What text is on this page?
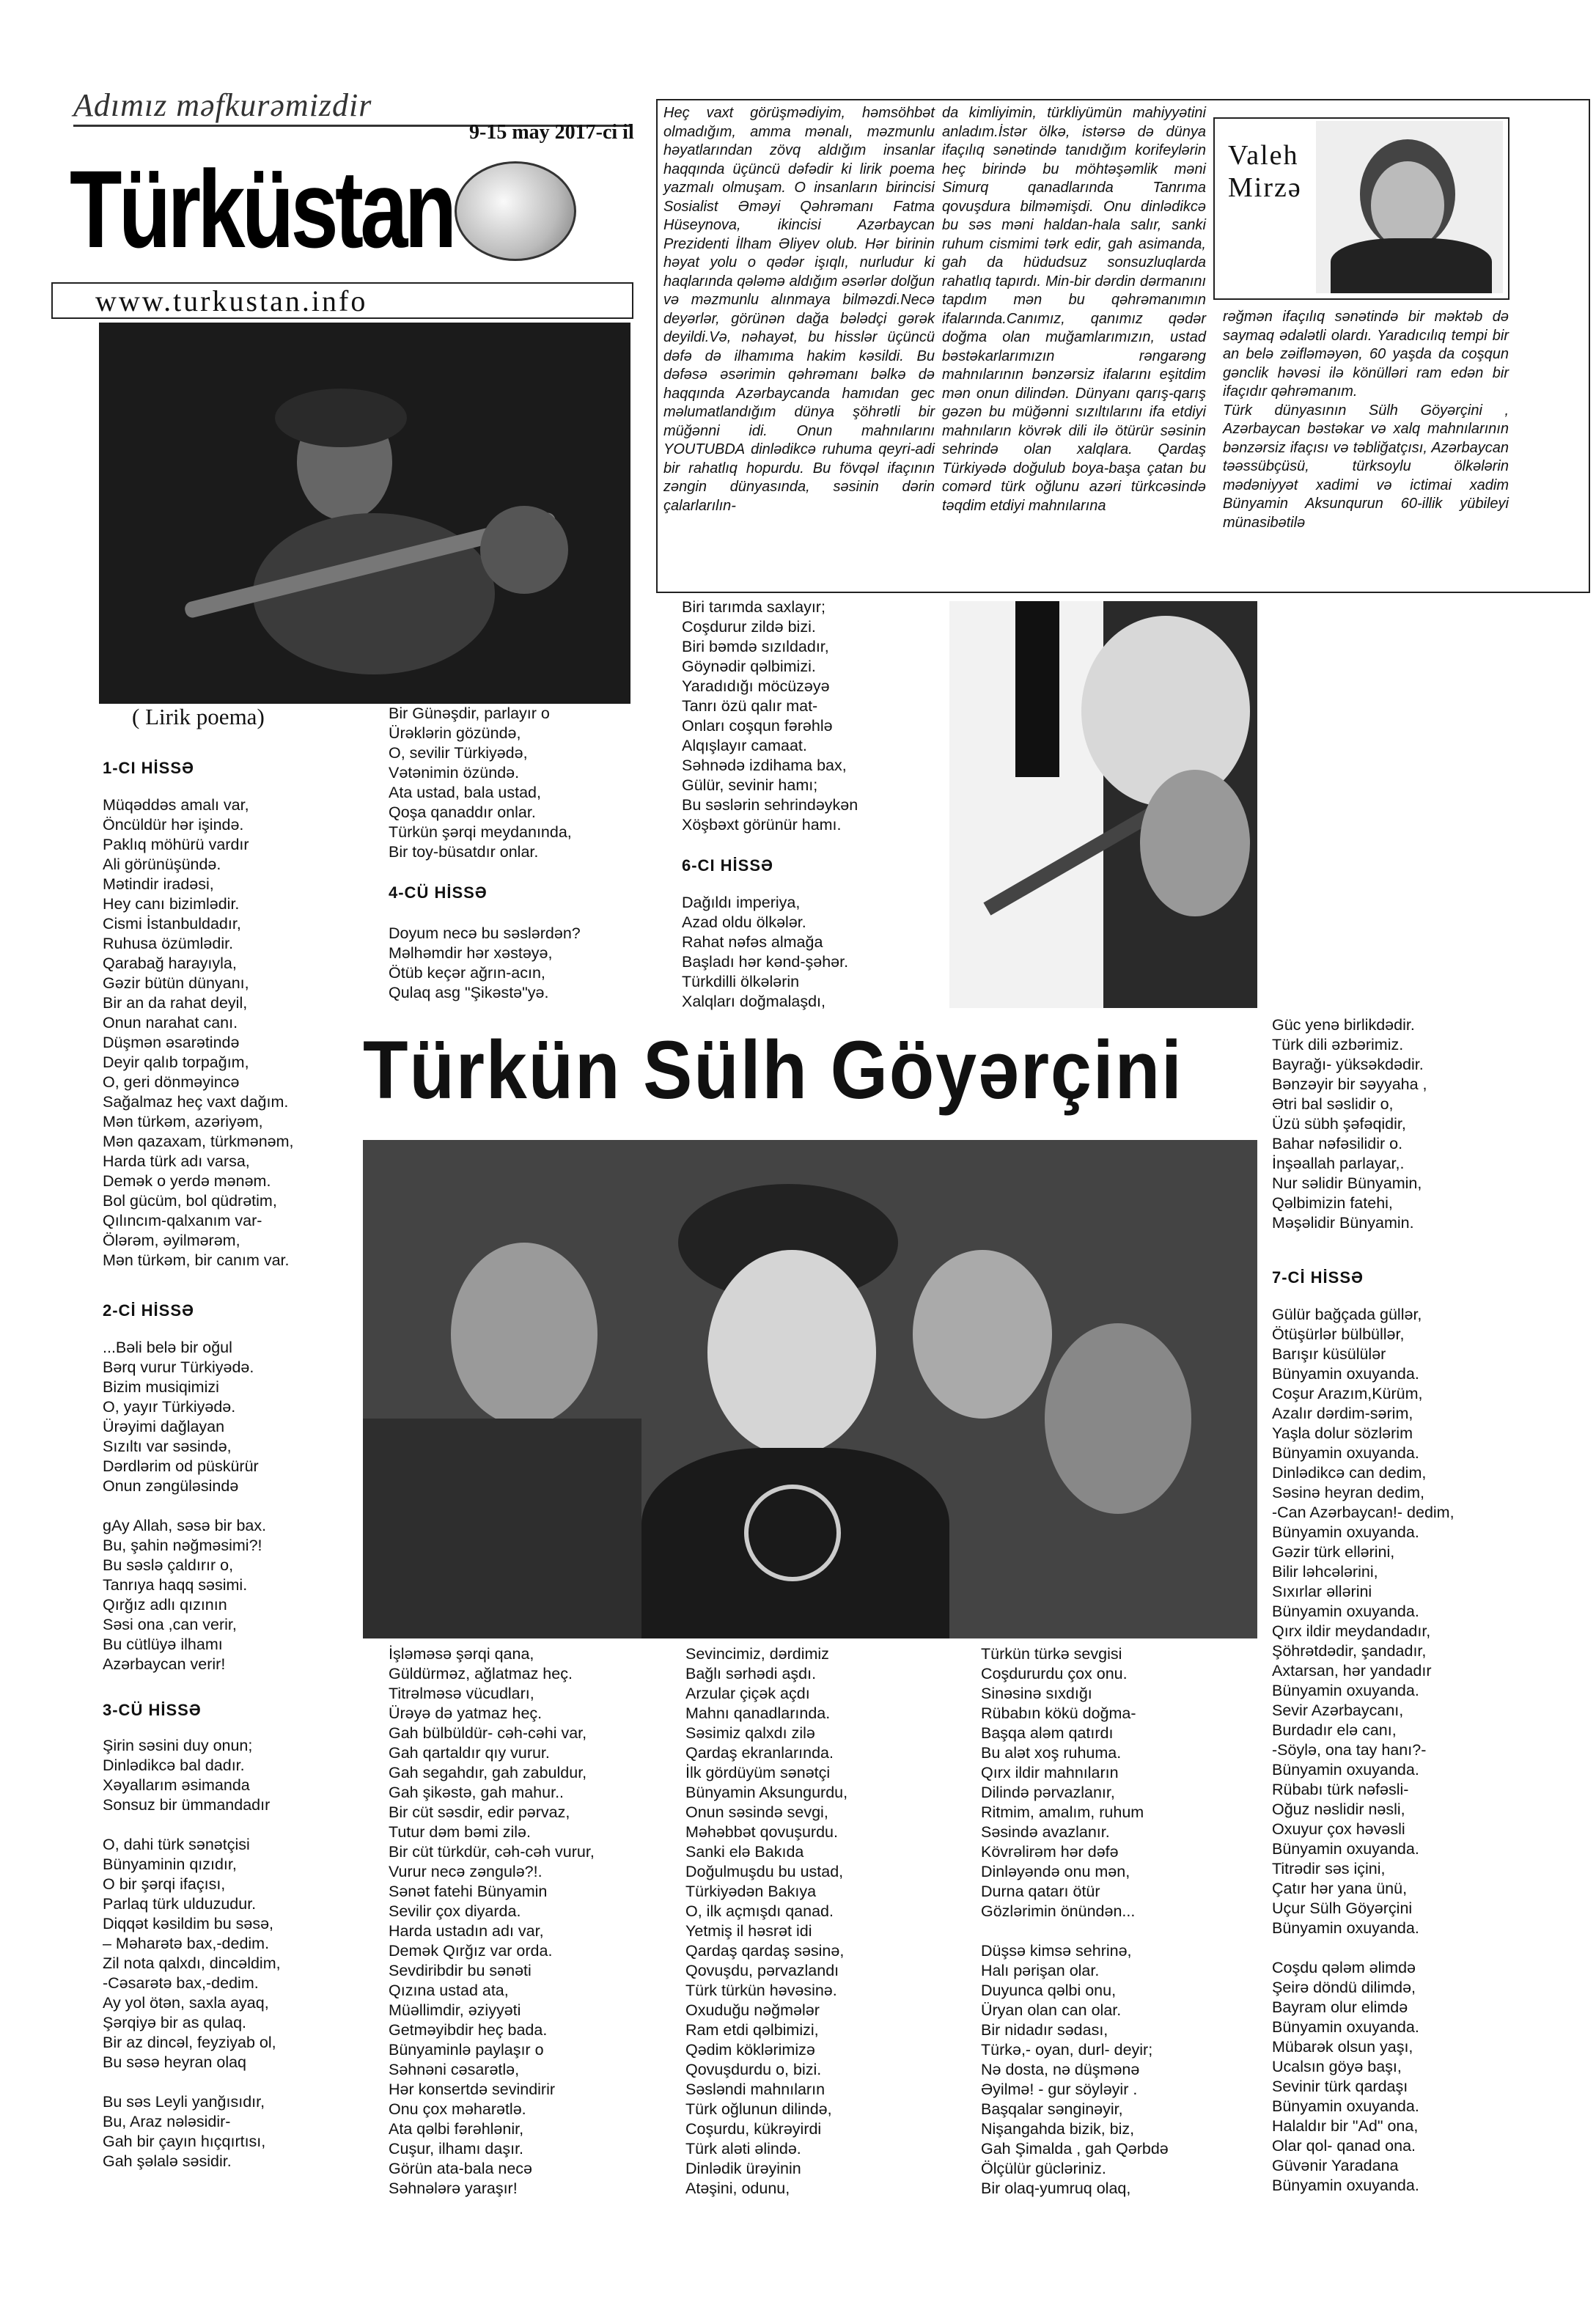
Adımız məfkurəmizdir
9-15 may 2017-ci il
Türküstan
www.turkustan.info
( Lirik poema)
Heç vaxt görüşmədiyim, həmsöhbət olmadığım, amma mənalı, məzmunlu həyatlarından zövq aldığım insanlar haqqında üçüncü dəfədir ki lirik poema yazmalı olmuşam. O insanların birincisi Sosialist Əməyi Qəhrəmanı Fatma Hüseynova, ikincisi Azərbaycan Prezidenti İlham Əliyev olub. Hər birinin həyat yolu o qədər işıqlı, nurludur ki haqlarında qələmə aldığım əsərlər dolğun və məzmunlu alınmaya bilməzdi.Necə deyərlər, görünən dağa bələdçi gərək deyildi.Və, nəhayət, bu hisslər üçüncü dəfə də ilhamıma hakim kəsildi. Bu dəfəsə əsərimin qəhrəmanı bəlkə də haqqında Azərbaycanda hamıdan gec məlumatlandığım dünya şöhrətli bir müğənni idi. Onun mahnılarını YOUTUBDA dinlədikcə ruhuma qeyri-adi bir rahatlıq hopurdu. Bu fövqəl ifaçının zəngin dünyasında, səsinin dərin çalarlarılın-
da kimliyimin, türkliyümün mahiyyətini anladım.İstər ölkə, istərsə də dünya ifaçılıq sənətində tanıdığım korifeylərin heç birində bu möhtəşəmlik məni Simurq qanadlarında Tanrıma qovuşdura bilməmişdi. Onu dinlədikcə bu səs məni haldan-hala salır, sanki ruhum cismimi tərk edir, gah asimanda, gah da hüdudsuz sonsuzluqlarda rahatlıq tapırdı. Min-bir dərdin dərmanını tapdım mən bu qəhrəmanımın ifalarında.Canımız, qanımız qədər doğma olan muğamlarımızın, ustad bəstəkarlarımızın rəngarəng mahnılarının bənzərsiz ifalarını eşitdim mən onun dilindən. Dünyanı qarış-qarış gəzən bu müğənni sızıltılarını ifa etdiyi mahnıların kövrək dili ilə ötürür səsinin sehrində olan xalqlara. Qardaş Türkiyədə doğulub boya-başa çatan bu comərd türk oğlunu azəri türkcəsində təqdim etdiyi mahnılarına
Valeh
Mirzə
rəğmən ifaçılıq sənətində bir məktəb də saymaq ədalətli olardı. Yaradıcılıq tempi bir an belə zəifləməyən, 60 yaşda da coşqun gənclik həvəsi ilə könülləri ram edən bir ifaçıdır qəhrəmanım.
Türk dünyasının Sülh Göyərçini , Azərbaycan bəstəkar və xalq mahnılarının bənzərsiz ifaçısı və təbliğatçısı, Azərbaycan təəssübçüsü, türksoylu ölkələrin mədəniyyət xadimi və ictimai xadim Bünyamin Aksunqurun 60-illik yübileyi münasibətilə
1-CI HİSSƏ
Müqəddəs amalı var,
Öncüldür hər işində.
Paklıq möhürü vardır
Ali görünüşündə.
Mətindir iradəsi,
Hey canı bizimlədir.
Cismi İstanbuldadır,
Ruhusa özümlədir.
Qarabağ harayıyla,
Gəzir bütün dünyanı,
Bir an da rahat deyil,
Onun narahat canı.
Düşmən əsarətində
Deyir qalıb torpağım,
O, geri dönməyincə
Sağalmaz heç vaxt dağım.
Mən türkəm, azəriyəm,
Mən qazaxam, türkmənəm,
Harda türk adı varsa,
Demək o yerdə mənəm.
Bol gücüm, bol qüdrətim,
Qılıncım-qalxanım var-
Ölərəm, əyilmərəm,
Mən türkəm, bir canım var.
2-Cİ HİSSƏ
...Bəli belə bir oğul
Bərq vurur Türkiyədə.
Bizim musiqimizi
O, yayır Türkiyədə.
Ürəyimi dağlayan
Sızıltı var səsində,
Dərdlərim od püskürür
Onun zəngüləsində

gAy Allah, səsə bir bax.
Bu, şahin nəğməsimi?!
Bu səslə çaldırır o,
Tanrıya haqq səsimi.
Qırğız adlı qızının
Səsi ona ,can verir,
Bu cütlüyə ilhamı
Azərbaycan verir!
3-CÜ HİSSƏ
Şirin səsini duy onun;
Dinlədikcə bal dadır.
Xəyallarım əsimanda
Sonsuz bir ümmandadır

O, dahi türk sənətçisi
Bünyaminin qızıdır,
O bir şərqi ifaçısı,
Parlaq türk ulduzudur.
Diqqət kəsildim bu səsə,
– Məharətə bax,-dedim.
Zil nota qalxdı, dincəldim,
-Cəsarətə bax,-dedim.
Ay yol ötən, saxla ayaq,
Şərqiyə bir as qulaq.
Bir az dincəl, feyziyab ol,
Bu səsə heyran olaq

Bu səs Leyli yanğısıdır,
Bu, Araz nələsidir-
Gah bir çayın hıçqırtısı,
Gah şəlalə səsidir.
Bir Günəşdir, parlayır o
Ürəklərin gözündə,
O, sevilir Türkiyədə,
Vətənimin özündə.
Ata ustad, bala ustad,
Qoşa qanaddır onlar.
Türkün şərqi meydanında,
Bir toy-büsatdır onlar.
4-CÜ HİSSƏ
Doyum necə bu səslərdən?
Məlhəmdir hər xəstəyə,
Ötüb keçər ağrın-acın,
Qulaq asg "Şikəstə"yə.
Biri tarımda saxlayır;
Coşdurur zildə bizi.
Biri bəmdə sızıldadır,
Göynədir qəlbimizi.
Yaradıdığı möcüzəyə
Tanrı özü qalır mat-
Onları coşqun fərəhlə
Alqışlayır camaat.
Səhnədə izdihama bax,
Gülür, sevinir hamı;
Bu səslərin sehrindəykən
Xöşbəxt görünür hamı.
6-CI HİSSƏ
Dağıldı imperiya,
Azad oldu ölkələr.
Rahat nəfəs almağa
Başladı hər kənd-şəhər.
Türkdilli ölkələrin
Xalqları doğmalaşdı,
Türkün Sülh Göyərçini	Güc yenə birlikdədir.
Türk dili əzbərimiz.
Bayrağı- yüksəkdədir.
Bənzəyir bir səyyaha ,
Ətri bal səslidir o,
Üzü sübh şəfəqidir,
Bahar nəfəsilidir o.
İnşəallah parlayar,.
Nur səlidir Bünyamin,
Qəlbimizin fatehi,
Məşəlidir Bünyamin.
7-Cİ HİSSƏ
Gülür bağçada güllər,
Ötüşürlər bülbüllər,
Barışır küsülülər
Bünyamin oxuyanda.
Coşur Arazım,Kürüm,
Azalır dərdim-sərim,
Yaşla dolur sözlərim
Bünyamin oxuyanda.
Dinlədikcə can dedim,
Səsinə heyran dedim,
-Can Azərbaycan!- dedim,
Bünyamin oxuyanda.
Gəzir türk ellərini,
Bilir ləhcələrini,
Sıxırlar əllərini
Bünyamin oxuyanda.
Qırx ildir meydandadır,
Şöhrətdədir, şandadır,
Axtarsan, hər yandadır
Bünyamin oxuyanda.
Sevir Azərbaycanı,
Burdadır elə canı,
-Söylə, ona tay hanı?-
Bünyamin oxuyanda.
Rübabı türk nəfəsli-
Oğuz nəslidir nəsli,
Oxuyur çox həvəsli
Bünyamin oxuyanda.
Titrədir səs içini,
Çatır hər yana ünü,
Uçur Sülh Göyərçini
Bünyamin oxuyanda.

Coşdu qələm əlimdə
Şeirə döndü dilimdə,
Bayram olur elimdə
Bünyamin oxuyanda.
Mübarək olsun yaşı,
Ucalsın göyə başı,
Sevinir türk qardaşı
Bünyamin oxuyanda.
Halaldır bir "Ad" ona,
Olar qol- qanad ona.
Güvənir Yaradana
Bünyamin oxuyanda.
İşləməsə şərqi qana,
Güldürməz, ağlatmaz heç.
Titrəlməsə vücudları,
Ürəyə də yatmaz heç.
Gah bülbüldür- cəh-cəhi var,
Gah qartaldır qıy vurur.
Gah segahdır, gah zabuldur,
Gah şikəstə, gah mahur..
Bir cüt səsdir, edir pərvaz,
Tutur dəm bəmi zilə.
Bir cüt türkdür, cəh-cəh vurur,
Vurur necə zəngulə?!.
Sənət fatehi Bünyamin
Sevilir çox diyarda.
Harda ustadın adı var,
Demək Qırğız var orda.
Sevdiribdir bu sənəti
Qızına ustad ata,
Müəllimdir, əziyyəti
Getməyibdir heç bada.
Bünyaminlə paylaşır o
Səhnəni cəsarətlə,
Hər konsertdə sevindirir
Onu çox məharətlə.
Ata qəlbi fərəhlənir,
Cuşur, ilhamı daşır.
Görün ata-bala necə
Səhnələrə yaraşır!
Sevincimiz, dərdimiz
Bağlı sərhədi aşdı.
Arzular çiçək açdı
Mahnı qanadlarında.
Səsimiz qalxdı zilə
Qardaş ekranlarında.
İlk gördüyüm sənətçi
Bünyamin Aksungurdu,
Onun səsində sevgi,
Məhəbbət qovuşurdu.
Sanki elə Bakıda
Doğulmuşdu bu ustad,
Türkiyədən Bakıya
O, ilk açmışdı qanad.
Yetmiş il həsrət idi
Qardaş qardaş səsinə,
Qovuşdu, pərvazlandı
Türk türkün həvəsinə.
Oxuduğu nəğmələr
Ram etdi qəlbimizi,
Qədim köklərimizə
Qovuşdurdu o, bizi.
Səsləndi mahnıların
Türk oğlunun dilində,
Coşurdu, kükrəyirdi
Türk aləti əlində.
Dinlədik ürəyinin
Atəşini, odunu,
Türkün türkə sevgisi
Coşdururdu çox onu.
Sinəsinə sıxdığı
Rübabın kökü doğma-
Başqa aləm qatırdı
Bu alət xoş ruhuma.
Qırx ildir mahnıların
Dilində pərvazlanır,
Ritmim, amalım, ruhum
Səsində avazlanır.
Kövrəlirəm hər dəfə
Dinləyəndə onu mən,
Durna qatarı ötür
Gözlərimin önündən...

Düşsə kimsə sehrinə,
Halı pərişan olar.
Duyunca qəlbi onu,
Üryan olan can olar.
Bir nidadır sədası,
Türkə,- oyan, durl- deyir;
Nə dosta, nə düşmənə
Əyilmə! - gur söyləyir .
Başqalar sənginəyir,
Nişangahda bizik, biz,
Gah Şimalda , gah Qərbdə
Ölçülür gücləriniz.
Bir olaq-yumruq olaq,
